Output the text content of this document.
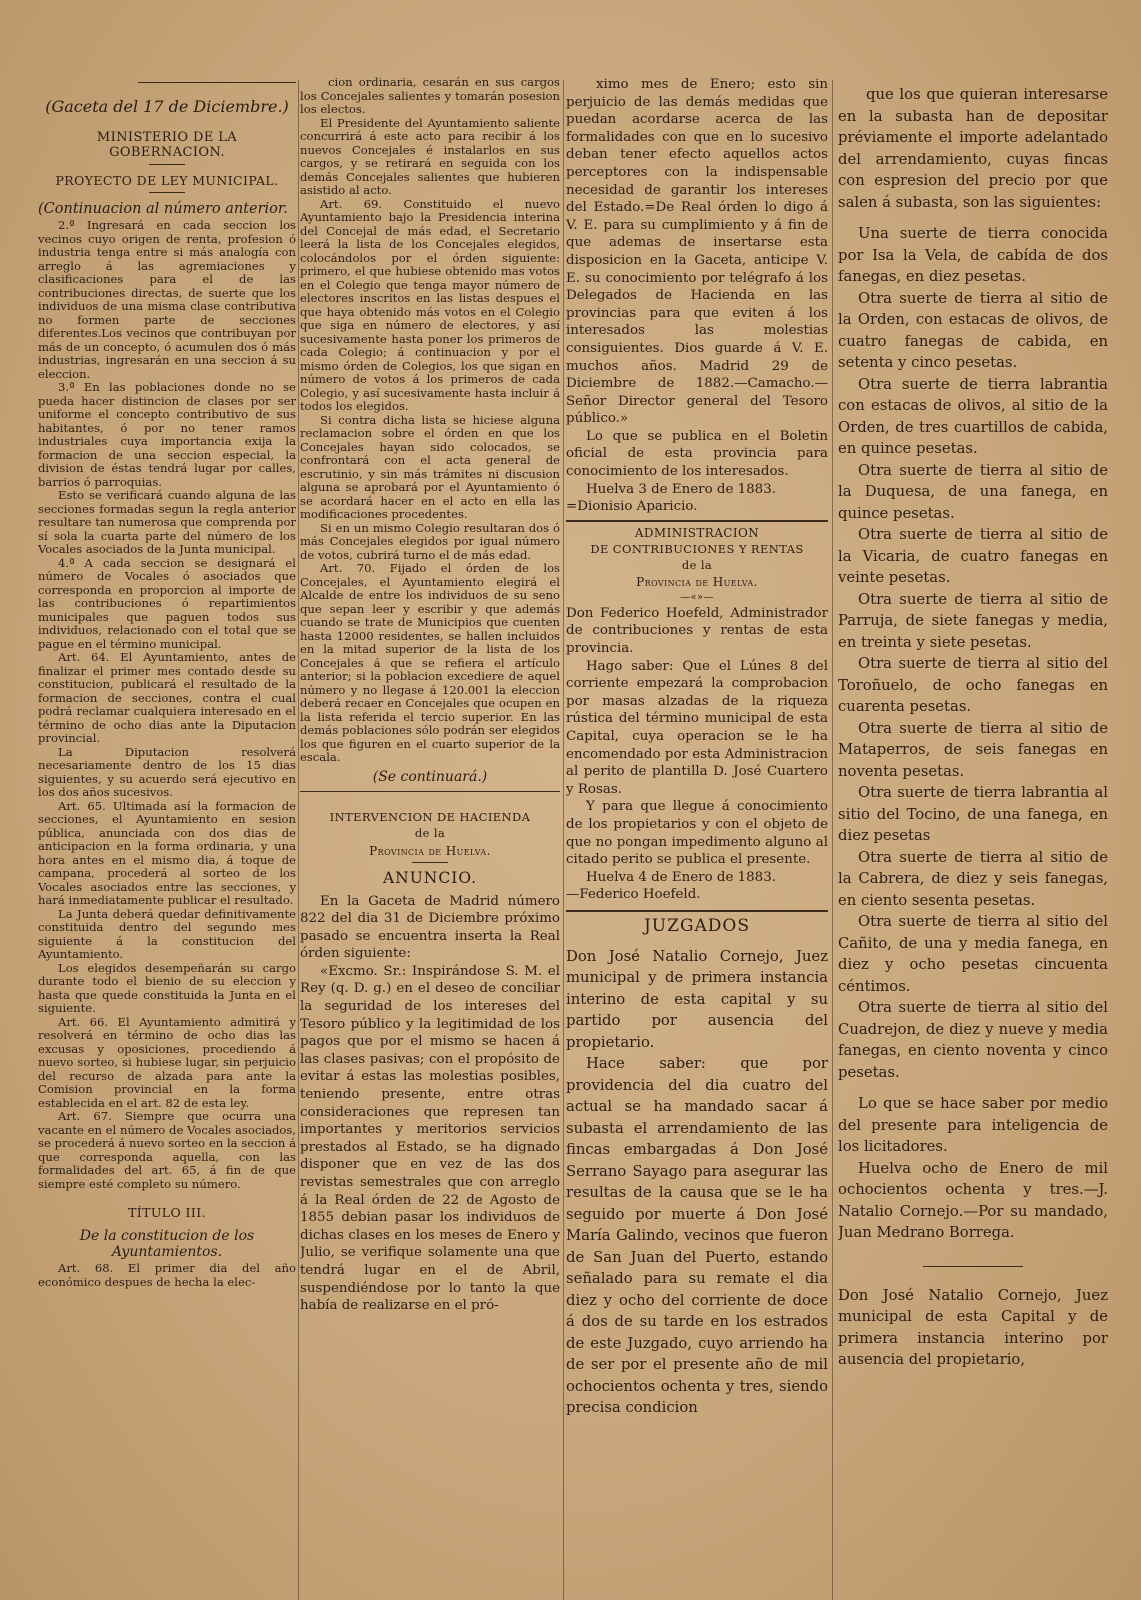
(Gaceta del 17 de Diciembre.)

MINISTERIO DE LA GOBERNACION.

PROYECTO DE LEY MUNICIPAL.

(Continuacion al número anterior.

2.ª Ingresará en cada seccion los vecinos cuyo origen de renta, profesion ó industria tenga entre si más analogía con arreglo á las agremiaciones y clasificaciones para el de las contribuciones directas, de suerte que los individuos de una misma clase contributiva no formen parte de secciones diferentes.Los vecinos que contribuyan por más de un concepto, ó acumulen dos ó más industrias, ingresarán en una seccion á su eleccion.

3.ª En las poblaciones donde no se pueda hacer distincion de clases por ser uniforme el concepto contributivo de sus habitantes, ó por no tener ramos industriales cuya importancia exija la formacion de una seccion especial, la division de éstas tendrá lugar por calles, barrios ó parroquias.

Esto se verificará cuando alguna de las secciones formadas segun la regla anterior resultare tan numerosa que comprenda por sí sola la cuarta parte del número de los Vocales asociados de la Junta municipal.

4.ª A cada seccion se designará el número de Vocales ó asociados que corresponda en proporcion al importe de las contribuciones ó repartimientos municipales que paguen todos sus individuos, relacionado con el total que se pague en el término municipal.

Art. 64. El Ayuntamiento, antes de finalizar el primer mes contado desde su constitucion, publicará el resultado de la formacion de secciones, contra el cual podrá reclamar cualquiera interesado en el término de ocho dias ante la Diputacion provincial.

La Diputacion resolverá necesariamente dentro de los 15 dias siguientes, y su acuerdo será ejecutivo en los dos años sucesivos.

Art. 65. Ultimada así la formacion de secciones, el Ayuntamiento en sesion pública, anunciada con dos dias de anticipacion en la forma ordinaria, y una hora antes en el mismo dia, á toque de campana, procederá al sorteo de los Vocales asociados entre las secciones, y hará inmediatamente publicar el resultado.

La Junta deberá quedar definitivamente constituida dentro del segundo mes siguiente á la constitucion del Ayuntamiento.

Los elegidos desempeñarán su cargo durante todo el bienio de su eleccion y hasta que quede constituida la Junta en el siguiente.

Art. 66. El Ayuntamiento admitirá y resolverá en término de ocho dias las excusas y oposiciones, procediendo á nuevo sorteo, si hubiese lugar, sin perjuicio del recurso de alzada para ante la Comision provincial en la forma establecida en el art. 82 de esta ley.

Art. 67. Siempre que ocurra una vacante en el número de Vocales asociados, se procederá á nuevo sorteo en la seccion á que corresponda aquella, con las formalidades del art. 65, á fin de que siempre esté completo su número.

TÍTULO III.

De la constitucion de los Ayuntamientos.

Art. 68. El primer dia del año económico despues de hecha la elec-

cion ordinaria, cesarán en sus cargos los Concejales salientes y tomarán posesion los electos.

El Presidente del Ayuntamiento saliente concurrirá á este acto para recibir á los nuevos Concejales é instalarlos en sus cargos, y se retirará en seguida con los demás Concejales salientes que hubieren asistido al acto.

Art. 69. Constituido el nuevo Ayuntamiento bajo la Presidencia interina del Concejal de más edad, el Secretario leerá la lista de los Concejales elegidos, colocándolos por el órden siguiente: primero, el que hubiese obtenido mas votos en el Colegio que tenga mayor número de electores inscritos en las listas despues el que haya obtenido más votos en el Colegio que siga en número de electores, y así sucesivamente hasta poner los primeros de cada Colegio; á continuacion y por el mismo órden de Colegios, los que sigan en número de votos á los primeros de cada Colegio, y así sucesivamente hasta incluir á todos los elegidos.

Si contra dicha lista se hiciese alguna reclamacion sobre el órden en que los Concejales hayan sido colocados, se confrontará con el acta general de escrutinio, y sin más trámites ni discusion alguna se aprobará por el Ayuntamiento ó se acordará hacer en el acto en ella las modificaciones procedentes.

Si en un mismo Colegio resultaran dos ó más Concejales elegidos por igual número de votos, cubrirá turno el de más edad.

Art. 70. Fijado el órden de los Concejales, el Ayuntamiento elegirá el Alcalde de entre los individuos de su seno que sepan leer y escribir y que además cuando se trate de Municipios que cuenten hasta 12000 residentes, se hallen incluidos en la mitad superior de la lista de los Concejales á que se refiera el artículo anterior; si la poblacion excediere de aquel número y no llegase á 120.001 la eleccion deberá recaer en Concejales que ocupen en la lista referida el tercio superior. En las demás poblaciones sólo podrán ser elegidos los que figuren en el cuarto superior de la escala.

(Se continuará.)

INTERVENCION DE HACIENDA

de la

Provincia de Huelva.

ANUNCIO.

En la Gaceta de Madrid número 822 del dia 31 de Diciembre próximo pasado se encuentra inserta la Real órden siguiente:

«Excmo. Sr.: Inspirándose S. M. el Rey (q. D. g.) en el deseo de conciliar la seguridad de los intereses del Tesoro público y la legitimidad de los pagos que por el mismo se hacen á las clases pasivas; con el propósito de evitar á estas las molestias posibles, teniendo presente, entre otras consideraciones que represen tan importantes y meritorios servicios prestados al Estado, se ha dignado disponer que en vez de las dos revistas semestrales que con arreglo á la Real órden de 22 de Agosto de 1855 debian pasar los individuos de dichas clases en los meses de Enero y Julio, se verifique solamente una que tendrá lugar en el de Abril, suspendiéndose por lo tanto la que había de realizarse en el pró-

ximo mes de Enero; esto sin perjuicio de las demás medidas que puedan acordarse acerca de las formalidades con que en lo sucesivo deban tener efecto aquellos actos perceptores con la indispensable necesidad de garantir los intereses del Estado.=De Real órden lo digo á V. E. para su cumplimiento y á fin de que ademas de insertarse esta disposicion en la Gaceta, anticipe V. E. su conocimiento por telégrafo á los Delegados de Hacienda en las provincias para que eviten á los interesados las molestias consiguientes. Dios guarde á V. E. muchos años. Madrid 29 de Diciembre de 1882.—Camacho.—Señor Director general del Tesoro público.»

Lo que se publica en el Boletin oficial de esta provincia para conocimiento de los interesados.

Huelva 3 de Enero de 1883.

=Dionisio Aparicio.

ADMINISTRACION

DE CONTRIBUCIONES Y RENTAS

de la

Provincia de Huelva.

—«»—

Don Federico Hoefeld, Administrador de contribuciones y rentas de esta provincia.

Hago saber: Que el Lúnes 8 del corriente empezará la comprobacion por masas alzadas de la riqueza rústica del término municipal de esta Capital, cuya operacion se le ha encomendado por esta Administracion al perito de plantilla D. José Cuartero y Rosas.

Y para que llegue á conocimiento de los propietarios y con el objeto de que no pongan impedimento alguno al citado perito se publica el presente.

Huelva 4 de Enero de 1883.

—Federico Hoefeld.

JUZGADOS

Don José Natalio Cornejo, Juez municipal y de primera instancia interino de esta capital y su partido por ausencia del propietario.

Hace saber: que por providencia del dia cuatro del actual se ha mandado sacar á subasta el arrendamiento de las fincas embargadas á Don José Serrano Sayago para asegurar las resultas de la causa que se le ha seguido por muerte á Don José María Galindo, vecinos que fueron de San Juan del Puerto, estando señalado para su remate el dia diez y ocho del corriente de doce á dos de su tarde en los estrados de este Juzgado, cuyo arriendo ha de ser por el presente año de mil ochocientos ochenta y tres, siendo precisa condicion

que los que quieran interesarse en la subasta han de depositar préviamente el importe adelantado del arrendamiento, cuyas fincas con espresion del precio por que salen á subasta, son las siguientes:

Una suerte de tierra conocida por Isa la Vela, de cabída de dos fanegas, en diez pesetas.

Otra suerte de tierra al sitio de la Orden, con estacas de olivos, de cuatro fanegas de cabida, en setenta y cinco pesetas.

Otra suerte de tierra labrantia con estacas de olivos, al sitio de la Orden, de tres cuartillos de cabida, en quince pesetas.

Otra suerte de tierra al sitio de la Duquesa, de una fanega, en quince pesetas.

Otra suerte de tierra al sitio de la Vicaria, de cuatro fanegas en veinte pesetas.

Otra suerte de tierra al sitio de Parruja, de siete fanegas y media, en treinta y siete pesetas.

Otra suerte de tierra al sitio del Toroñuelo, de ocho fanegas en cuarenta pesetas.

Otra suerte de tierra al sitio de Mataperros, de seis fanegas en noventa pesetas.

Otra suerte de tierra labrantia al sitio del Tocino, de una fanega, en diez pesetas

Otra suerte de tierra al sitio de la Cabrera, de diez y seis fanegas, en ciento sesenta pesetas.

Otra suerte de tierra al sitio del Cañito, de una y media fanega, en diez y ocho pesetas cincuenta céntimos.

Otra suerte de tierra al sitio del Cuadrejon, de diez y nueve y media fanegas, en ciento noventa y cinco pesetas.

Lo que se hace saber por medio del presente para inteligencia de los licitadores.

Huelva ocho de Enero de mil ochocientos ochenta y tres.—J. Natalio Cornejo.—Por su mandado, Juan Medrano Borrega.

Don José Natalio Cornejo, Juez municipal de esta Capital y de primera instancia interino por ausencia del propietario,
